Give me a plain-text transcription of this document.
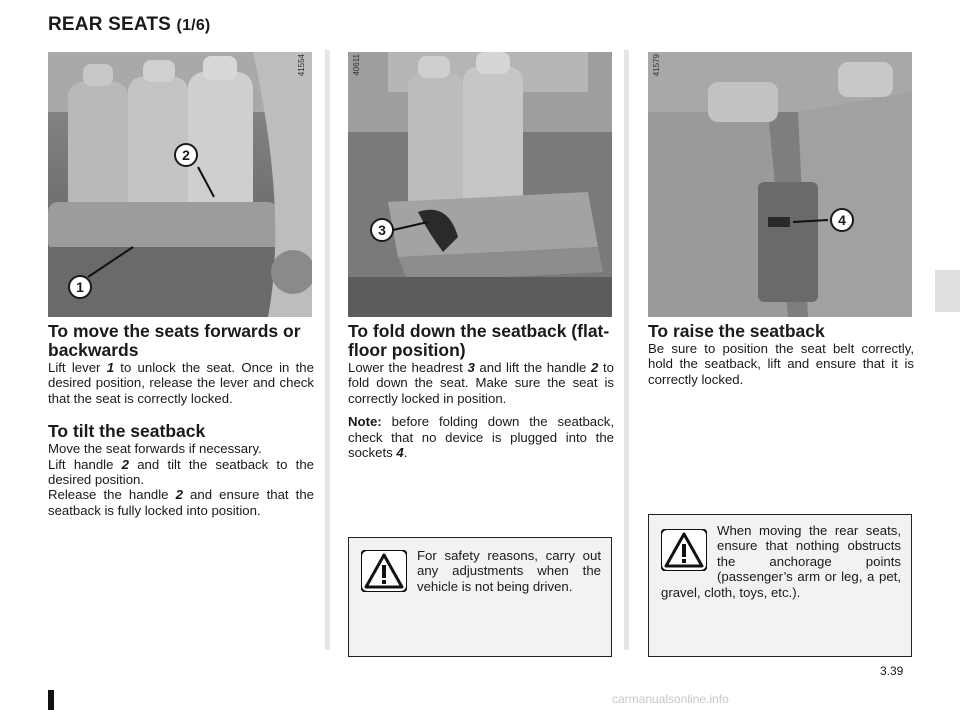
REAR SEATS (1/6)
41554
1
2
40611
3
41579
4
To move the seats forwards or backwards

Lift lever 1 to unlock the seat. Once in the desired position, release the lever and check that the seat is correctly locked.

To tilt the seatback

Move the seat forwards if necessary.
Lift handle 2 and tilt the seatback to the desired position.
Release the handle 2 and ensure that the seatback is fully locked into position.

To fold down the seatback (flat-floor position)

Lower the headrest 3 and lift the handle 2 to fold down the seat. Make sure the seat is correctly locked in position.

Note: before folding down the seatback, check that no device is plugged into the sockets 4.

To raise the seatback

Be sure to position the seat belt correctly, hold the seatback, lift and ensure that it is correctly locked.

For safety reasons, carry out any adjustments when the vehicle is not being driven.
When moving the rear seats, ensure that nothing obstructs the anchorage points (passenger’s arm or leg, a pet, gravel, cloth, toys, etc.).
3.39
carmanualsonline.info
